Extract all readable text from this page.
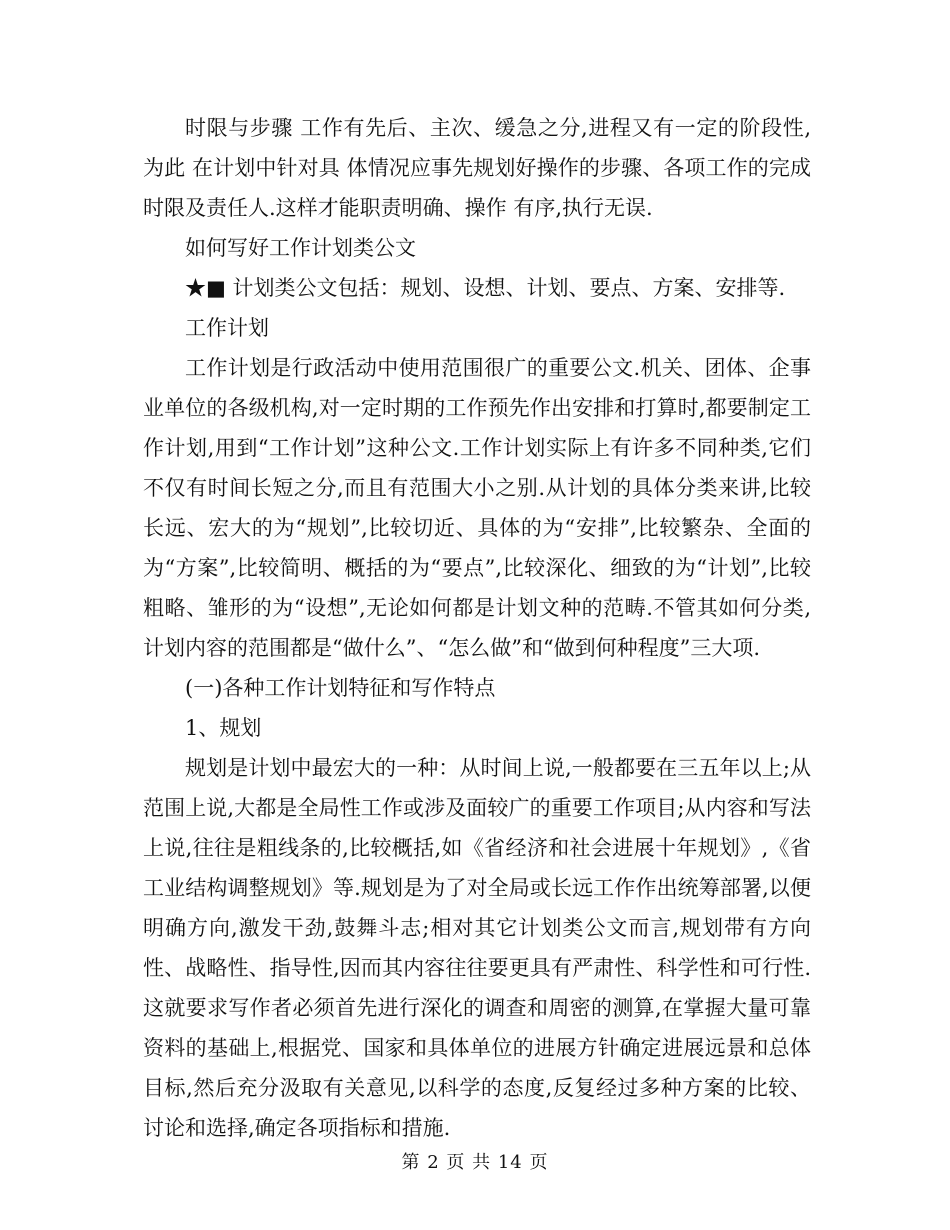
时限与步骤 工作有先后、主次、缓急之分,进程又有一定的阶段性,为此 在计划中针对具 体情况应事先规划好操作的步骤、各项工作的完成时限及责任人.这样才能职责明确、操作 有序,执行无误.

如何写好工作计划类公文

★■ 计划类公文包括：规划、设想、计划、要点、方案、安排等.

工作计划

工作计划是行政活动中使用范围很广的重要公文.机关、团体、企事业单位的各级机构,对一定时期的工作预先作出安排和打算时,都要制定工作计划,用到“工作计划”这种公文.工作计划实际上有许多不同种类,它们不仅有时间长短之分,而且有范围大小之别.从计划的具体分类来讲,比较长远、宏大的为“规划”,比较切近、具体的为“安排”,比较繁杂、全面的为“方案”,比较简明、概括的为“要点”,比较深化、细致的为“计划”,比较粗略、雏形的为“设想”,无论如何都是计划文种的范畴.不管其如何分类,计划内容的范围都是“做什么”、“怎么做”和“做到何种程度”三大项.

(一)各种工作计划特征和写作特点

1、规划

规划是计划中最宏大的一种：从时间上说,一般都要在三五年以上;从范围上说,大都是全局性工作或涉及面较广的重要工作项目;从内容和写法上说,往往是粗线条的,比较概括,如《省经济和社会进展十年规划》,《省工业结构调整规划》等.规划是为了对全局或长远工作作出统筹部署,以便明确方向,激发干劲,鼓舞斗志;相对其它计划类公文而言,规划带有方向性、战略性、指导性,因而其内容往往要更具有严肃性、科学性和可行性.这就要求写作者必须首先进行深化的调查和周密的测算,在掌握大量可靠资料的基础上,根据党、国家和具体单位的进展方针确定进展远景和总体目标,然后充分汲取有关意见,以科学的态度,反复经过多种方案的比较、讨论和选择,确定各项指标和措施.

第 2 页 共 14 页
